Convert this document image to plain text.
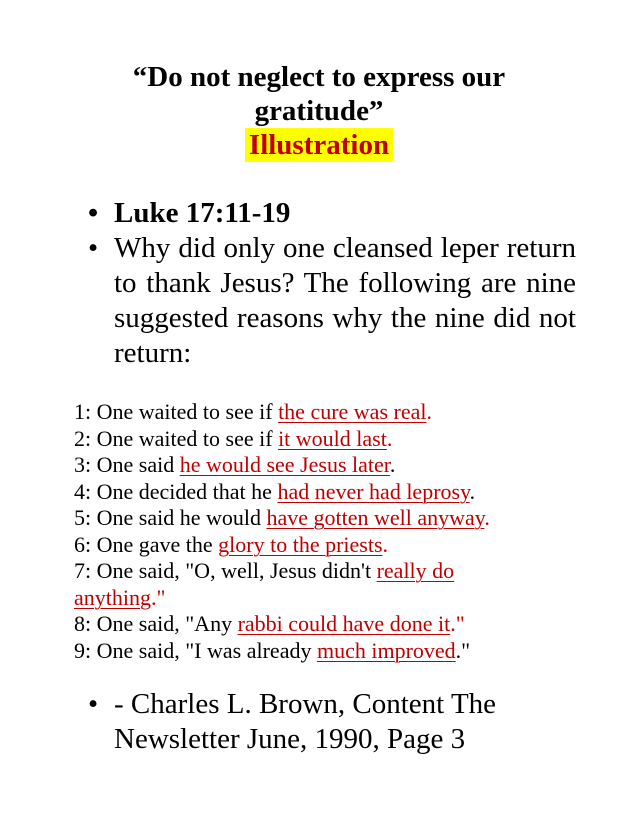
“Do not neglect to express our
gratitude”
Illustration
• Luke 17:11-19
• Why did only one cleansed leper return to thank Jesus? The following are nine suggested reasons why the nine did not return:
1: One waited to see if the cure was real.
2: One waited to see if it would last.
3: One said he would see Jesus later.
4: One decided that he had never had leprosy.
5: One said he would have gotten well anyway.
6: One gave the glory to the priests.
7: One said, "O, well, Jesus didn't really do
anything."
8: One said, "Any rabbi could have done it."
9: One said, "I was already much improved."
• - Charles L. Brown, Content The
Newsletter June, 1990, Page 3
